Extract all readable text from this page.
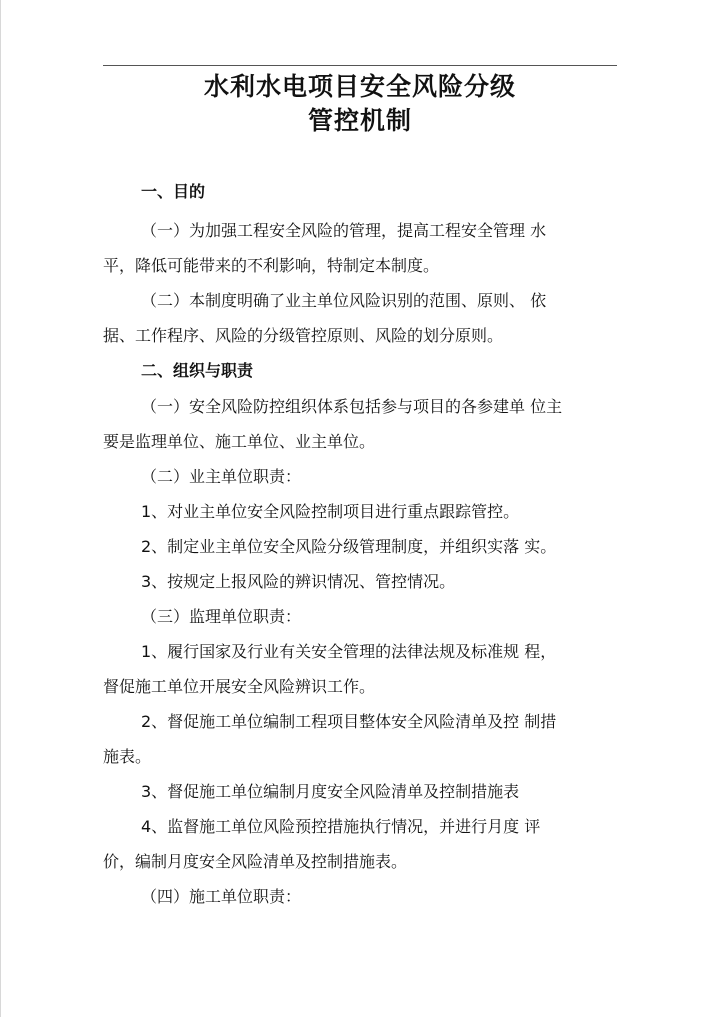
水利水电项目安全风险分级
管控机制
一、目的
（一）为加强工程安全风险的管理，提高工程安全管理 水
平，降低可能带来的不利影响，特制定本制度。
（二）本制度明确了业主单位风险识别的范围、原则、 依
据、工作程序、风险的分级管控原则、风险的划分原则。
二、组织与职责
（一）安全风险防控组织体系包括参与项目的各参建单 位主
要是监理单位、施工单位、业主单位。
（二）业主单位职责：
1、对业主单位安全风险控制项目进行重点跟踪管控。
2、制定业主单位安全风险分级管理制度，并组织实落 实。
3、按规定上报风险的辨识情况、管控情况。
（三）监理单位职责：
1、履行国家及行业有关安全管理的法律法规及标准规 程，
督促施工单位开展安全风险辨识工作。
2、督促施工单位编制工程项目整体安全风险清单及控 制措
施表。
3、督促施工单位编制月度安全风险清单及控制措施表
4、监督施工单位风险预控措施执行情况，并进行月度 评
价，编制月度安全风险清单及控制措施表。
（四）施工单位职责：
